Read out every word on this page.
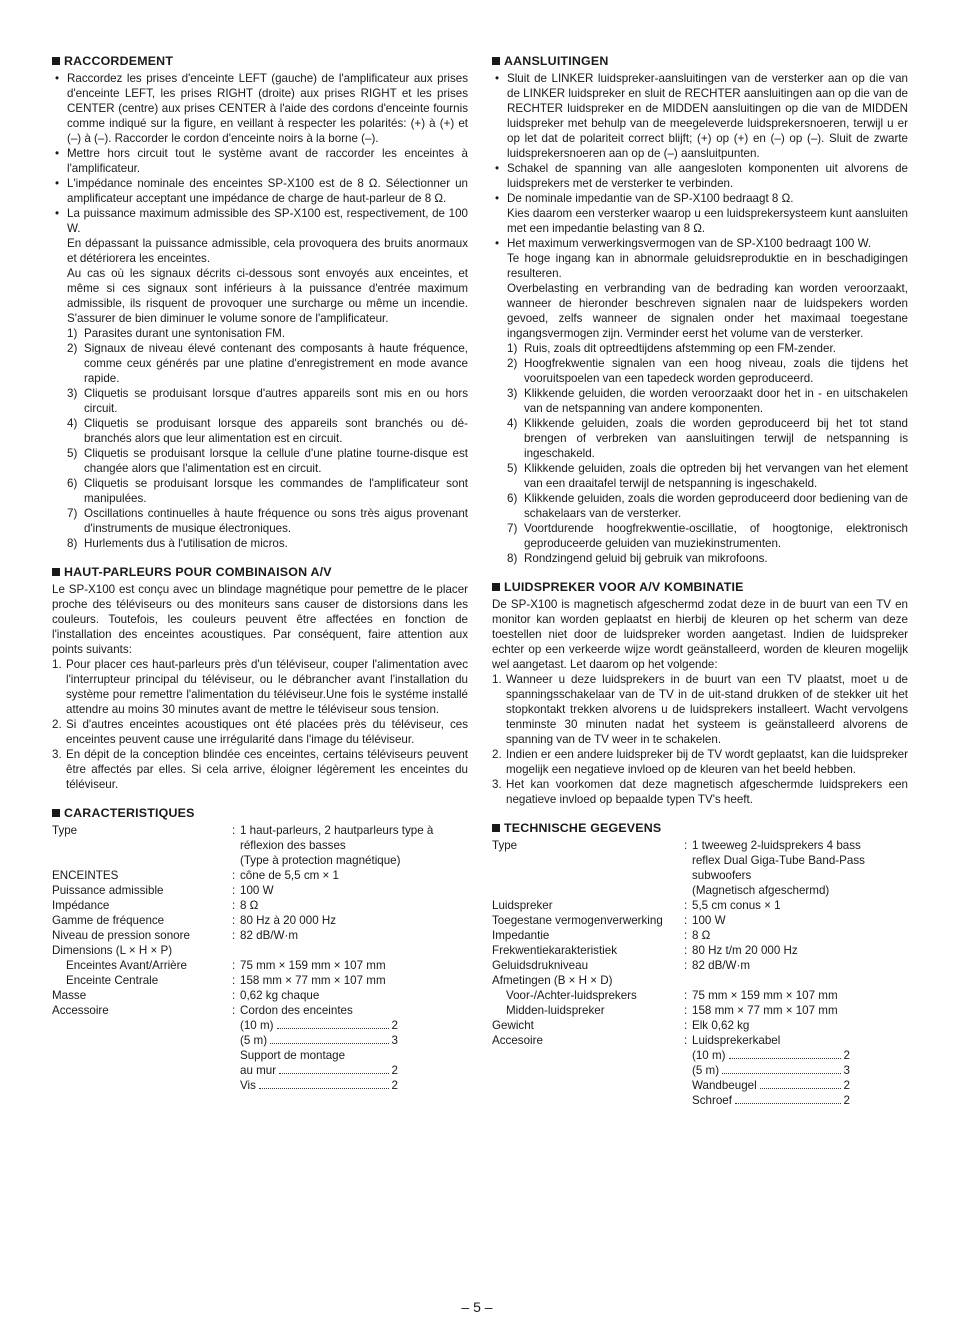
RACCORDEMENT
• Raccordez les prises d'enceinte LEFT (gauche) de l'amplificateur aux prises d'enceinte LEFT, les prises RIGHT (droite) aux prises RIGHT et les prises CENTER (centre) aux prises CENTER à l'aide des cordons d'enceinte fournis comme indiqué sur la figure, en veillant à respecter les polarités: (+) à (+) et (–) à (–). Raccorder le cordon d'enceinte noirs à la borne (–).
• Mettre hors circuit tout le système avant de raccorder les enceintes à l'amplificateur.
• L'impédance nominale des enceintes SP-X100 est de 8 Ω. Sélectionner un amplificateur acceptant une impédance de charge de haut-parleur de 8 Ω.
• La puissance maximum admissible des SP-X100 est, respectivement, de 100 W.
En dépassant la puissance admissible, cela provoquera des bruits anormaux et détériorera les enceintes.
Au cas où les signaux décrits ci-dessous sont envoyés aux enceintes, et même si ces signaux sont inférieurs à la puissance d'entrée maximum admissible, ils risquent de provoquer une surcharge ou même un incendie. S'assurer de bien diminuer le volume sonore de l'amplificateur.
1) Parasites durant une syntonisation FM.
2) Signaux de niveau élevé contenant des composants à haute fréquence, comme ceux générés par une platine d'enregistrement en mode avance rapide.
3) Cliquetis se produisant lorsque d'autres appareils sont mis en ou hors circuit.
4) Cliquetis se produisant lorsque des appareils sont branchés ou dé-branchés alors que leur alimentation est en circuit.
5) Cliquetis se produisant lorsque la cellule d'une platine tourne-disque est changée alors que l'alimentation est en circuit.
6) Cliquetis se produisant lorsque les commandes de l'amplificateur sont manipulées.
7) Oscillations continuelles à haute fréquence ou sons très aigus provenant d'instruments de musique électroniques.
8) Hurlements dus à l'utilisation de micros.
HAUT-PARLEURS POUR COMBINAISON A/V
Le SP-X100 est conçu avec un blindage magnétique pour pemettre de le placer proche des téléviseurs ou des moniteurs sans causer de distorsions dans les couleurs. Toutefois, les couleurs peuvent être affectées en fonction de l'installation des enceintes acoustiques. Par conséquent, faire attention aux points suivants:
1. Pour placer ces haut-parleurs près d'un téléviseur, couper l'alimentation avec l'interrupteur principal du téléviseur, ou le débrancher avant l'installation du système pour remettre l'alimentation du téléviseur.Une fois le systéme installé attendre au moins 30 minutes avant de mettre le téléviseur sous tension.
2. Si d'autres enceintes acoustiques ont été placées près du téléviseur, ces enceintes peuvent cause une irrégularité dans l'image du téléviseur.
3. En dépit de la conception blindée ces enceintes, certains téléviseurs peuvent être affectés par elles. Si cela arrive, éloigner légèrement les enceintes du téléviseur.
CARACTERISTIQUES
Type	: 1 haut-parleurs, 2 hautparleurs type à
réflexion des basses
(Type à protection magnétique)
ENCEINTES	: cône de 5,5 cm × 1
Puissance admissible	: 100 W
Impédance	: 8 Ω
Gamme de fréquence	: 80 Hz à 20 000 Hz
Niveau de pression sonore	: 82 dB/W·m
Dimensions (L × H × P)
Enceintes Avant/Arrière	: 75 mm × 159 mm × 107 mm
Enceinte Centrale	: 158 mm × 77 mm × 107 mm
Masse	: 0,62 kg chaque
Accessoire	: Cordon des enceintes
(10 m)	2
(5 m)	3
Support de montage
au mur	2
Vis	2
AANSLUITINGEN
• Sluit de LINKER luidspreker-aansluitingen van de versterker aan op die van de LINKER luidspreker en sluit de RECHTER aansluitingen aan op die van de RECHTER luidspreker en de MIDDEN aansluitingen op die van de MIDDEN luidspreker met behulp van de meegeleverde luidsprekersnoeren, terwijl u er op let dat de polariteit correct blijft; (+) op (+) en (–) op (–). Sluit de zwarte luidsprekersnoeren aan op de (–) aansluitpunten.
• Schakel de spanning van alle aangesloten komponenten uit alvorens de luidsprekers met de versterker te verbinden.
• De nominale impedantie van de SP-X100 bedraagt 8 Ω.
Kies daarom een versterker waarop u een luidsprekersysteem kunt aansluiten met een impedantie belasting van 8 Ω.
• Het maximum verwerkingsvermogen van de SP-X100 bedraagt 100 W.
Te hoge ingang kan in abnormale geluidsreproduktie en in beschadigingen resulteren.
Overbelasting en verbranding van de bedrading kan worden veroorzaakt, wanneer de hieronder beschreven signalen naar de luidspekers worden gevoed, zelfs wanneer de signalen onder het maximaal toegestane ingangsvermogen zijn. Verminder eerst het volume van de versterker.
1) Ruis, zoals dit optreedtijdens afstemming op een FM-zender.
2) Hoogfrekwentie signalen van een hoog niveau, zoals die tijdens het vooruitspoelen van een tapedeck worden geproduceerd.
3) Klikkende geluiden, die worden veroorzaakt door het in - en uitschakelen van de netspanning van andere komponenten.
4) Klikkende geluiden, zoals die worden geproduceerd bij het tot stand brengen of verbreken van aansluitingen terwijl de netspanning is ingeschakeld.
5) Klikkende geluiden, zoals die optreden bij het vervangen van het element van een draaitafel terwijl de netspanning is ingeschakeld.
6) Klikkende geluiden, zoals die worden geproduceerd door bediening van de schakelaars van de versterker.
7) Voortdurende hoogfrekwentie-oscillatie, of hoogtonige, elektronisch geproduceerde geluiden van muziekinstrumenten.
8) Rondzingend geluid bij gebruik van mikrofoons.
LUIDSPREKER VOOR A/V KOMBINATIE
De SP-X100 is magnetisch afgeschermd zodat deze in de buurt van een TV en monitor kan worden geplaatst en hierbij de kleuren op het scherm van deze toestellen niet door de luidspreker worden aangetast. Indien de luidspreker echter op een verkeerde wijze wordt geänstalleerd, worden de kleuren mogelijk wel aangetast. Let daarom op het volgende:
1. Wanneer u deze luidsprekers in de buurt van een TV plaatst, moet u de spanningsschakelaar van de TV in de uit-stand drukken of de stekker uit het stopkontakt trekken alvorens u de luidsprekers installeert. Wacht vervolgens tenminste 30 minuten nadat het systeem is geänstalleerd alvorens de spanning van de TV weer in te schakelen.
2. Indien er een andere luidspreker bij de TV wordt geplaatst, kan die luidspreker mogelijk een negatieve invloed op de kleuren van het beeld hebben.
3. Het kan voorkomen dat deze magnetisch afgeschermde luidsprekers een negatieve invloed op bepaalde typen TV's heeft.
TECHNISCHE GEGEVENS
Type	: 1 tweeweg 2-luidsprekers 4 bass
reflex Dual Giga-Tube Band-Pass
subwoofers
(Magnetisch afgeschermd)
Luidspreker	: 5,5 cm conus × 1
Toegestane vermogenverwerking : 100 W
Impedantie	: 8 Ω
Frekwentiekarakteristiek	: 80 Hz t/m 20 000 Hz
Geluidsdrukniveau	: 82 dB/W·m
Afmetingen (B × H × D)
Voor-/Achter-luidsprekers	: 75 mm × 159 mm × 107 mm
Midden-luidspreker	: 158 mm × 77 mm × 107 mm
Gewicht	: Elk 0,62 kg
Accesoire	: Luidsprekerkabel
(10 m)	2
(5 m)	3
Wandbeugel	2
Schroef	2
– 5 –
